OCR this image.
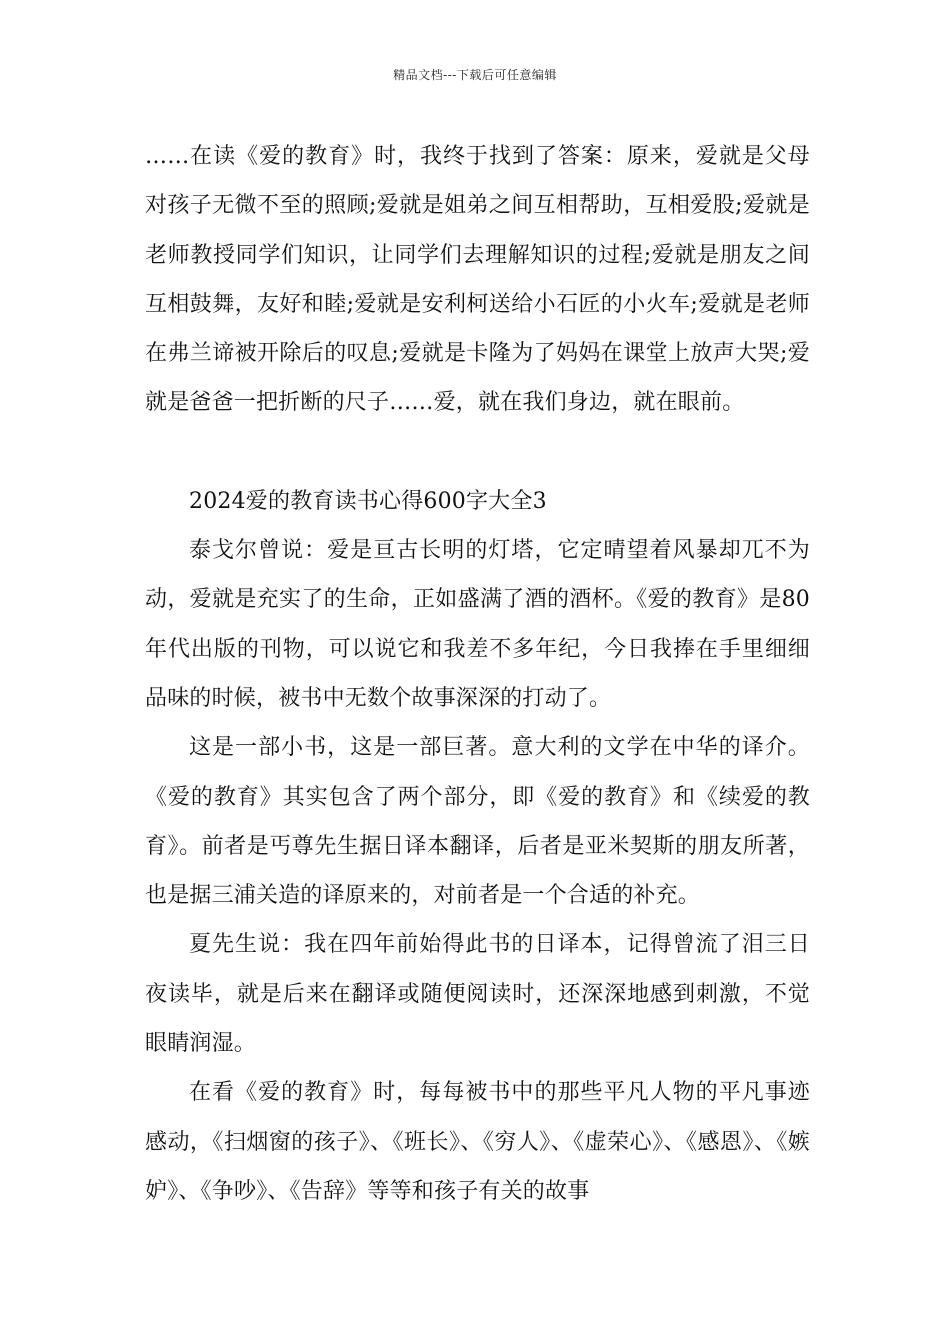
精品文档---下载后可任意编辑

……在读《爱的教育》时，我终于找到了答案：原来，爱就是父母对孩子无微不至的照顾;爱就是姐弟之间互相帮助，互相爱股;爱就是老师教授同学们知识，让同学们去理解知识的过程;爱就是朋友之间互相鼓舞，友好和睦;爱就是安利柯送给小石匠的小火车;爱就是老师在弗兰谛被开除后的叹息;爱就是卡隆为了妈妈在课堂上放声大哭;爱就是爸爸一把折断的尺子……爱，就在我们身边，就在眼前。

2024爱的教育读书心得600字大全3

泰戈尔曾说：爱是亘古长明的灯塔，它定晴望着风暴却兀不为动，爱就是充实了的生命，正如盛满了酒的酒杯。《爱的教育》是80年代出版的刊物，可以说它和我差不多年纪，今日我捧在手里细细品味的时候，被书中无数个故事深深的打动了。

这是一部小书，这是一部巨著。意大利的文学在中华的译介。《爱的教育》其实包含了两个部分，即《爱的教育》和《续爱的教育》。前者是丐尊先生据日译本翻译，后者是亚米契斯的朋友所著，也是据三浦关造的译原来的，对前者是一个合适的补充。

夏先生说：我在四年前始得此书的日译本，记得曾流了泪三日夜读毕，就是后来在翻译或随便阅读时，还深深地感到刺激，不觉眼睛润湿。

在看《爱的教育》时，每每被书中的那些平凡人物的平凡事迹感动，《扫烟窗的孩子》、《班长》、《穷人》、《虚荣心》、《感恩》、《嫉妒》、《争吵》、《告辞》等等和孩子有关的故事
